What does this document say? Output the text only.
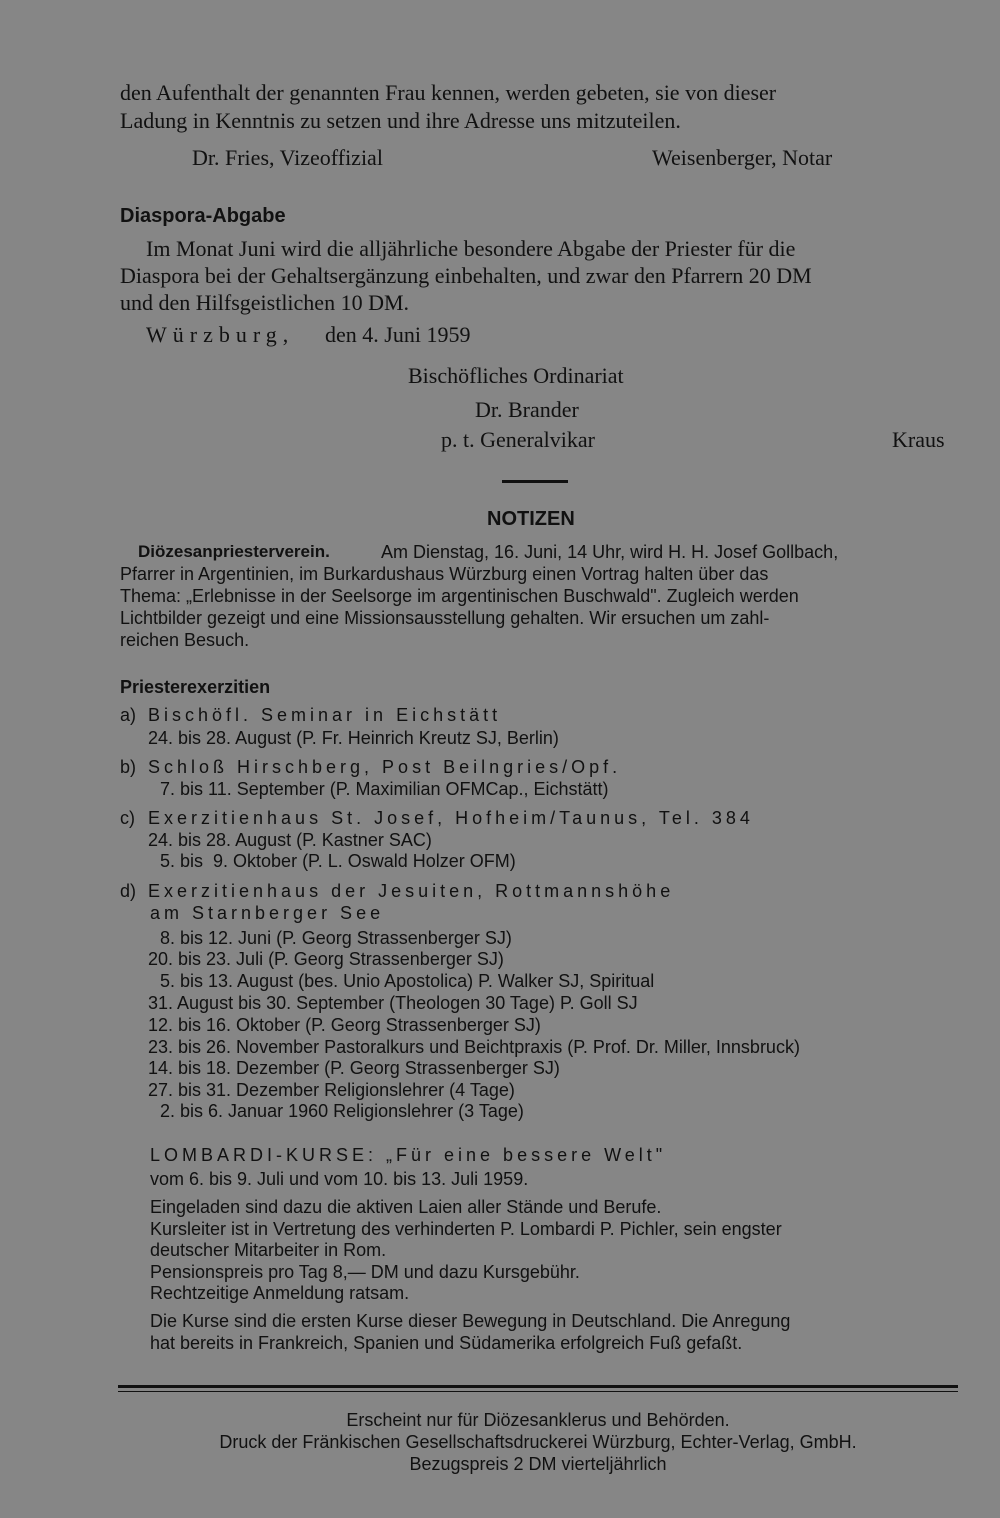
den Aufenthalt der genannten Frau kennen, werden gebeten, sie von dieser
Ladung in Kenntnis zu setzen und ihre Adresse uns mitzuteilen.
Dr. Fries, Vizeoffizial	Weisenberger, Notar
Diaspora-Abgabe
Im Monat Juni wird die alljährliche besondere Abgabe der Priester für die
Diaspora bei der Gehaltsergänzung einbehalten, und zwar den Pfarrern 20 DM
und den Hilfsgeistlichen 10 DM.
Würzburg, den 4. Juni 1959
Bischöfliches Ordinariat
Dr. Brander
p. t. Generalvikar	Kraus
NOTIZEN
Diözesanpriesterverein.	Am Dienstag, 16. Juni, 14 Uhr, wird H. H. Josef Gollbach,
Pfarrer in Argentinien, im Burkardushaus Würzburg einen Vortrag halten über das
Thema: „Erlebnisse in der Seelsorge im argentinischen Buschwald". Zugleich werden
Lichtbilder gezeigt und eine Missionsausstellung gehalten. Wir ersuchen um zahl-
reichen Besuch.
Priesterexerzitien
a) Bischöfl. Seminar in Eichstätt
24. bis 28. August (P. Fr. Heinrich Kreutz SJ, Berlin)
b) Schloß Hirschberg, Post Beilngries/Opf.
7. bis 11. September (P. Maximilian OFMCap., Eichstätt)
c) Exerzitienhaus St. Josef, Hofheim/Taunus, Tel. 384
24. bis 28. August (P. Kastner SAC)
5. bis  9. Oktober (P. L. Oswald Holzer OFM)
d) Exerzitienhaus der Jesuiten, Rottmannshöhe
am Starnberger See
8. bis 12. Juni (P. Georg Strassenberger SJ)
20. bis 23. Juli (P. Georg Strassenberger SJ)
5. bis 13. August (bes. Unio Apostolica) P. Walker SJ, Spiritual
31. August bis 30. September (Theologen 30 Tage) P. Goll SJ
12. bis 16. Oktober (P. Georg Strassenberger SJ)
23. bis 26. November Pastoralkurs und Beichtpraxis (P. Prof. Dr. Miller, Innsbruck)
14. bis 18. Dezember (P. Georg Strassenberger SJ)
27. bis 31. Dezember Religionslehrer (4 Tage)
2. bis 6. Januar 1960 Religionslehrer (3 Tage)
LOMBARDI-KURSE: „Für eine bessere Welt"
vom 6. bis 9. Juli und vom 10. bis 13. Juli 1959.
Eingeladen sind dazu die aktiven Laien aller Stände und Berufe.
Kursleiter ist in Vertretung des verhinderten P. Lombardi P. Pichler, sein engster
deutscher Mitarbeiter in Rom.
Pensionspreis pro Tag 8,— DM und dazu Kursgebühr.
Rechtzeitige Anmeldung ratsam.
Die Kurse sind die ersten Kurse dieser Bewegung in Deutschland. Die Anregung
hat bereits in Frankreich, Spanien und Südamerika erfolgreich Fuß gefaßt.
Erscheint nur für Diözesanklerus und Behörden.
Druck der Fränkischen Gesellschaftsdruckerei Würzburg, Echter-Verlag, GmbH.
Bezugspreis 2 DM vierteljährlich
